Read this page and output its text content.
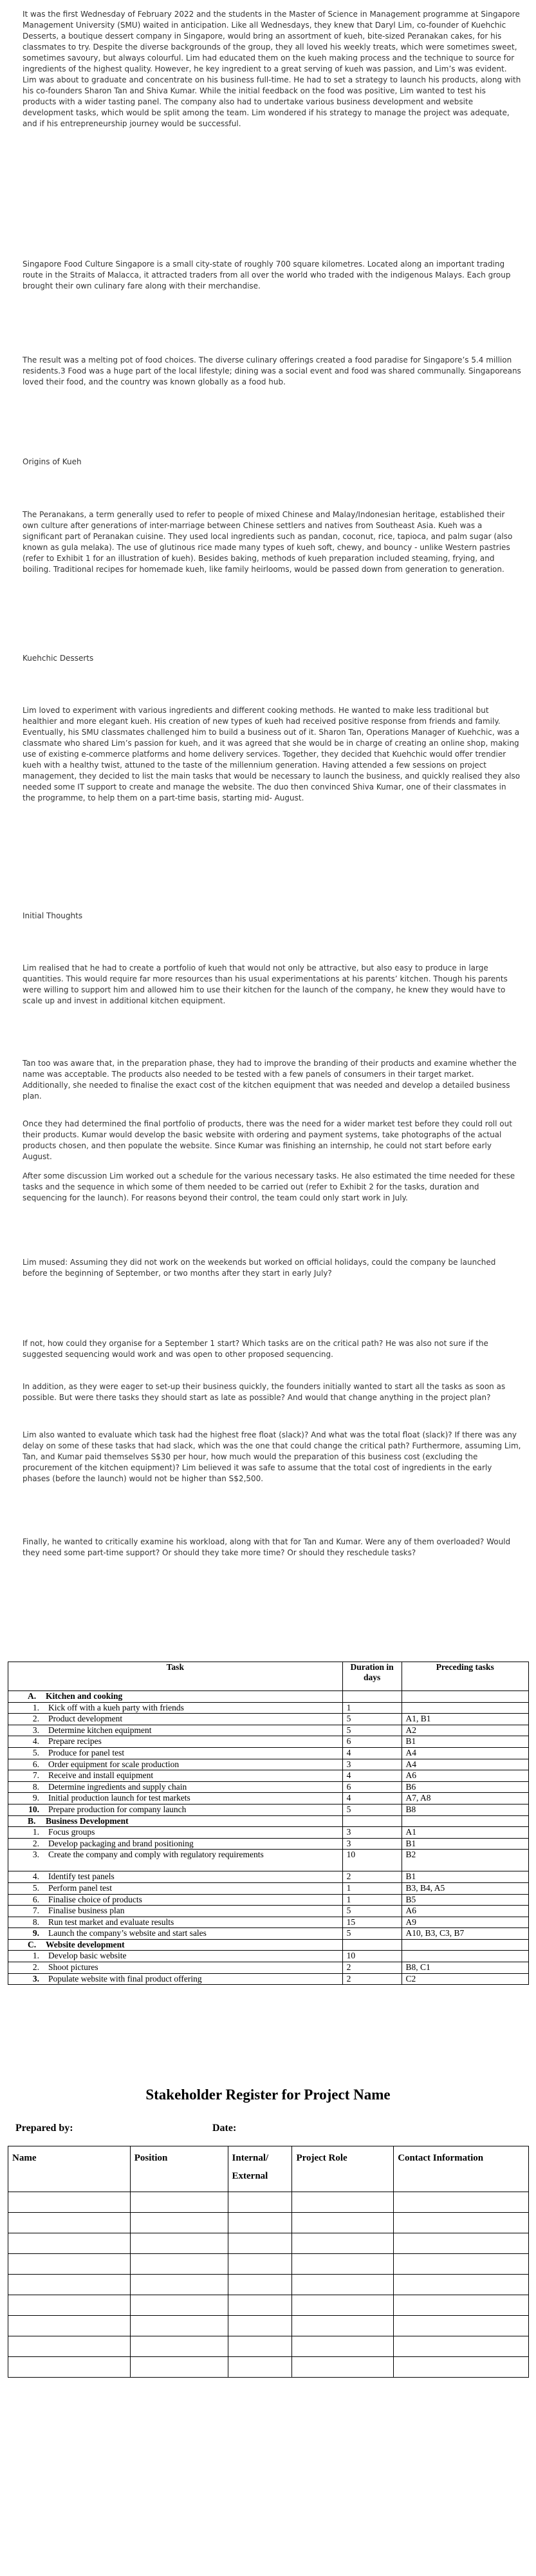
It was the first Wednesday of February 2022 and the students in the Master of Science in Management programme at Singapore Management University (SMU) waited in anticipation. Like all Wednesdays, they knew that Daryl Lim, co-founder of Kuehchic Desserts, a boutique dessert company in Singapore, would bring an assortment of kueh, bite-sized Peranakan cakes, for his classmates to try. Despite the diverse backgrounds of the group, they all loved his weekly treats, which were sometimes sweet, sometimes savoury, but always colourful. Lim had educated them on the kueh making process and the technique to source for ingredients of the highest quality. However, he key ingredient to a great serving of kueh was passion, and Lim’s was evident. Lim was about to graduate and concentrate on his business full-time. He had to set a strategy to launch his products, along with his co-founders Sharon Tan and Shiva Kumar. While the initial feedback on the food was positive, Lim wanted to test his products with a wider tasting panel. The company also had to undertake various business development and website development tasks, which would be split among the team. Lim wondered if his strategy to manage the project was adequate, and if his entrepreneurship journey would be successful.

Singapore Food Culture Singapore is a small city-state of roughly 700 square kilometres. Located along an important trading route in the Straits of Malacca, it attracted traders from all over the world who traded with the indigenous Malays. Each group brought their own culinary fare along with their merchandise.

The result was a melting pot of food choices. The diverse culinary offerings created a food paradise for Singapore’s 5.4 million residents.3 Food was a huge part of the local lifestyle; dining was a social event and food was shared communally. Singaporeans loved their food, and the country was known globally as a food hub.

Origins of Kueh

The Peranakans, a term generally used to refer to people of mixed Chinese and Malay/Indonesian heritage, established their own culture after generations of inter-marriage between Chinese settlers and natives from Southeast Asia. Kueh was a significant part of Peranakan cuisine. They used local ingredients such as pandan, coconut, rice, tapioca, and palm sugar (also known as gula melaka). The use of glutinous rice made many types of kueh soft, chewy, and bouncy - unlike Western pastries (refer to Exhibit 1 for an illustration of kueh). Besides baking, methods of kueh preparation included steaming, frying, and boiling. Traditional recipes for homemade kueh, like family heirlooms, would be passed down from generation to generation.

Kuehchic Desserts

Lim loved to experiment with various ingredients and different cooking methods. He wanted to make less traditional but healthier and more elegant kueh. His creation of new types of kueh had received positive response from friends and family. Eventually, his SMU classmates challenged him to build a business out of it. Sharon Tan, Operations Manager of Kuehchic, was a classmate who shared Lim’s passion for kueh, and it was agreed that she would be in charge of creating an online shop, making use of existing e-commerce platforms and home delivery services. Together, they decided that Kuehchic would offer trendier kueh with a healthy twist, attuned to the taste of the millennium generation. Having attended a few sessions on project management, they decided to list the main tasks that would be necessary to launch the business, and quickly realised they also needed some IT support to create and manage the website. The duo then convinced Shiva Kumar, one of their classmates in the programme, to help them on a part-time basis, starting mid- August.

Initial Thoughts

Lim realised that he had to create a portfolio of kueh that would not only be attractive, but also easy to produce in large quantities. This would require far more resources than his usual experimentations at his parents’ kitchen. Though his parents were willing to support him and allowed him to use their kitchen for the launch of the company, he knew they would have to scale up and invest in additional kitchen equipment.

Tan too was aware that, in the preparation phase, they had to improve the branding of their products and examine whether the name was acceptable. The products also needed to be tested with a few panels of consumers in their target market. Additionally, she needed to finalise the exact cost of the kitchen equipment that was needed and develop a detailed business plan.

Once they had determined the final portfolio of products, there was the need for a wider market test before they could roll out their products. Kumar would develop the basic website with ordering and payment systems, take photographs of the actual products chosen, and then populate the website. Since Kumar was finishing an internship, he could not start before early August.

After some discussion Lim worked out a schedule for the various necessary tasks. He also estimated the time needed for these tasks and the sequence in which some of them needed to be carried out (refer to Exhibit 2 for the tasks, duration and sequencing for the launch). For reasons beyond their control, the team could only start work in July.

Lim mused: Assuming they did not work on the weekends but worked on official holidays, could the company be launched before the beginning of September, or two months after they start in early July?

If not, how could they organise for a September 1 start? Which tasks are on the critical path? He was also not sure if the suggested sequencing would work and was open to other proposed sequencing.

In addition, as they were eager to set-up their business quickly, the founders initially wanted to start all the tasks as soon as possible. But were there tasks they should start as late as possible? And would that change anything in the project plan?

Lim also wanted to evaluate which task had the highest free float (slack)? And what was the total float (slack)? If there was any delay on some of these tasks that had slack, which was the one that could change the critical path? Furthermore, assuming Lim, Tan, and Kumar paid themselves S$30 per hour, how much would the preparation of this business cost (excluding the procurement of the kitchen equipment)? Lim believed it was safe to assume that the total cost of ingredients in the early phases (before the launch) would not be higher than S$2,500.

Finally, he wanted to critically examine his workload, along with that for Tan and Kumar. Were any of them overloaded? Would they need some part-time support? Or should they take more time? Or should they reschedule tasks?

Task	Duration in days	Preceding tasks
A. Kitchen and cooking		
1. Kick off with a kueh party with friends	1	
2. Product development	5	A1, B1
3. Determine kitchen equipment	5	A2
4. Prepare recipes	6	B1
5. Produce for panel test	4	A4
6. Order equipment for scale production	3	A4
7. Receive and install equipment	4	A6
8. Determine ingredients and supply chain	6	B6
9. Initial production launch for test markets	4	A7, A8
10. Prepare production for company launch	5	B8
B. Business Development		
1. Focus groups	3	A1
2. Develop packaging and brand positioning	3	B1
3. Create the company and comply with regulatory requirements	10	B2
4. Identify test panels	2	B1
5. Perform panel test	1	B3, B4, A5
6. Finalise choice of products	1	B5
7. Finalise business plan	5	A6
8. Run test market and evaluate results	15	A9
9. Launch the company’s website and start sales	5	A10, B3, C3, B7
C. Website development		
1. Develop basic website	10	
2. Shoot pictures	2	B8, C1
3. Populate website with final product offering	2	C2

Stakeholder Register for Project Name

Prepared by:	Date:

Name	Position	Internal/ External	Project Role	Contact Information
